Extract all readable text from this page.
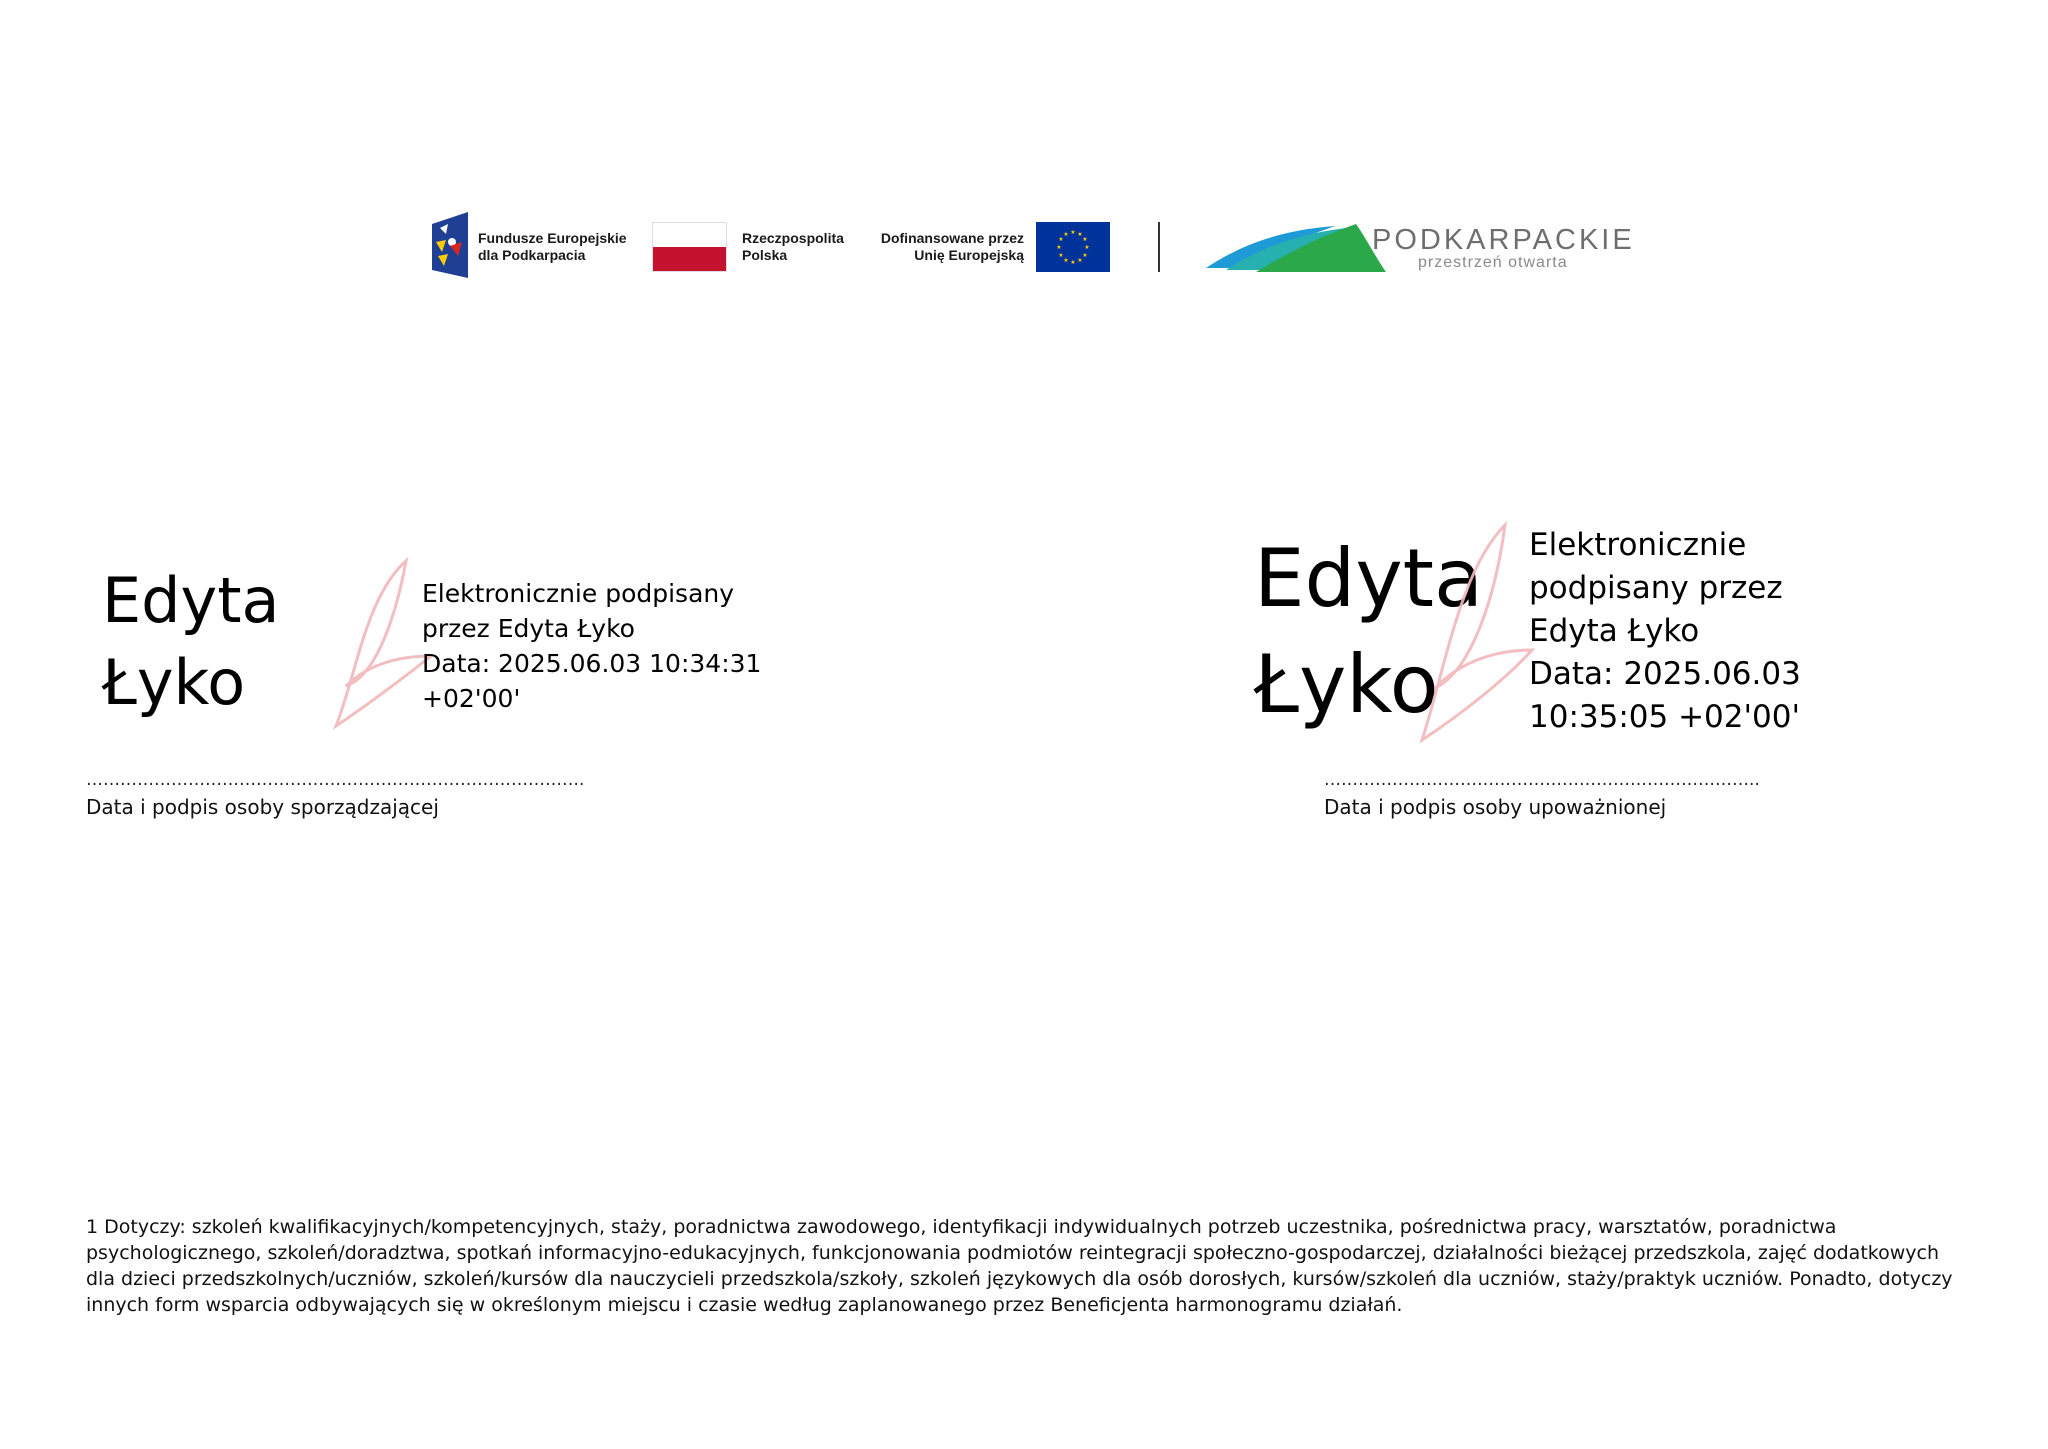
Fundusze Europejskie
dla Podkarpacia
Rzeczpospolita
Polska
Dofinansowane przez
Unię Europejską
★ ★
★
★
★
★
★
★
★
★
★
★	PODKARPACKIE
przestrzeń otwarta
Edyta
Łyko
Elektronicznie podpisany
przez Edyta Łyko
Data: 2025.06.03 10:34:31
+02'00'
…………………………………………………………………………….
Data i podpis osoby sporządzającej
Edyta
Łyko
Elektronicznie
podpisany przez
Edyta Łyko
Data: 2025.06.03
10:35:05 +02'00'
…………………………………………………………………..
Data i podpis osoby upoważnionej
1 Dotyczy: szkoleń kwalifikacyjnych/kompetencyjnych, staży, poradnictwa zawodowego, identyfikacji indywidualnych potrzeb uczestnika, pośrednictwa pracy, warsztatów, poradnictwa psychologicznego, szkoleń/doradztwa, spotkań informacyjno-edukacyjnych, funkcjonowania podmiotów reintegracji społeczno-gospodarczej, działalności bieżącej przedszkola, zajęć dodatkowych dla dzieci przedszkolnych/uczniów, szkoleń/kursów dla nauczycieli przedszkola/szkoły, szkoleń językowych dla osób dorosłych, kursów/szkoleń dla uczniów, staży/praktyk uczniów. Ponadto, dotyczy innych form wsparcia odbywających się w określonym miejscu i czasie według zaplanowanego przez Beneficjenta harmonogramu działań.
